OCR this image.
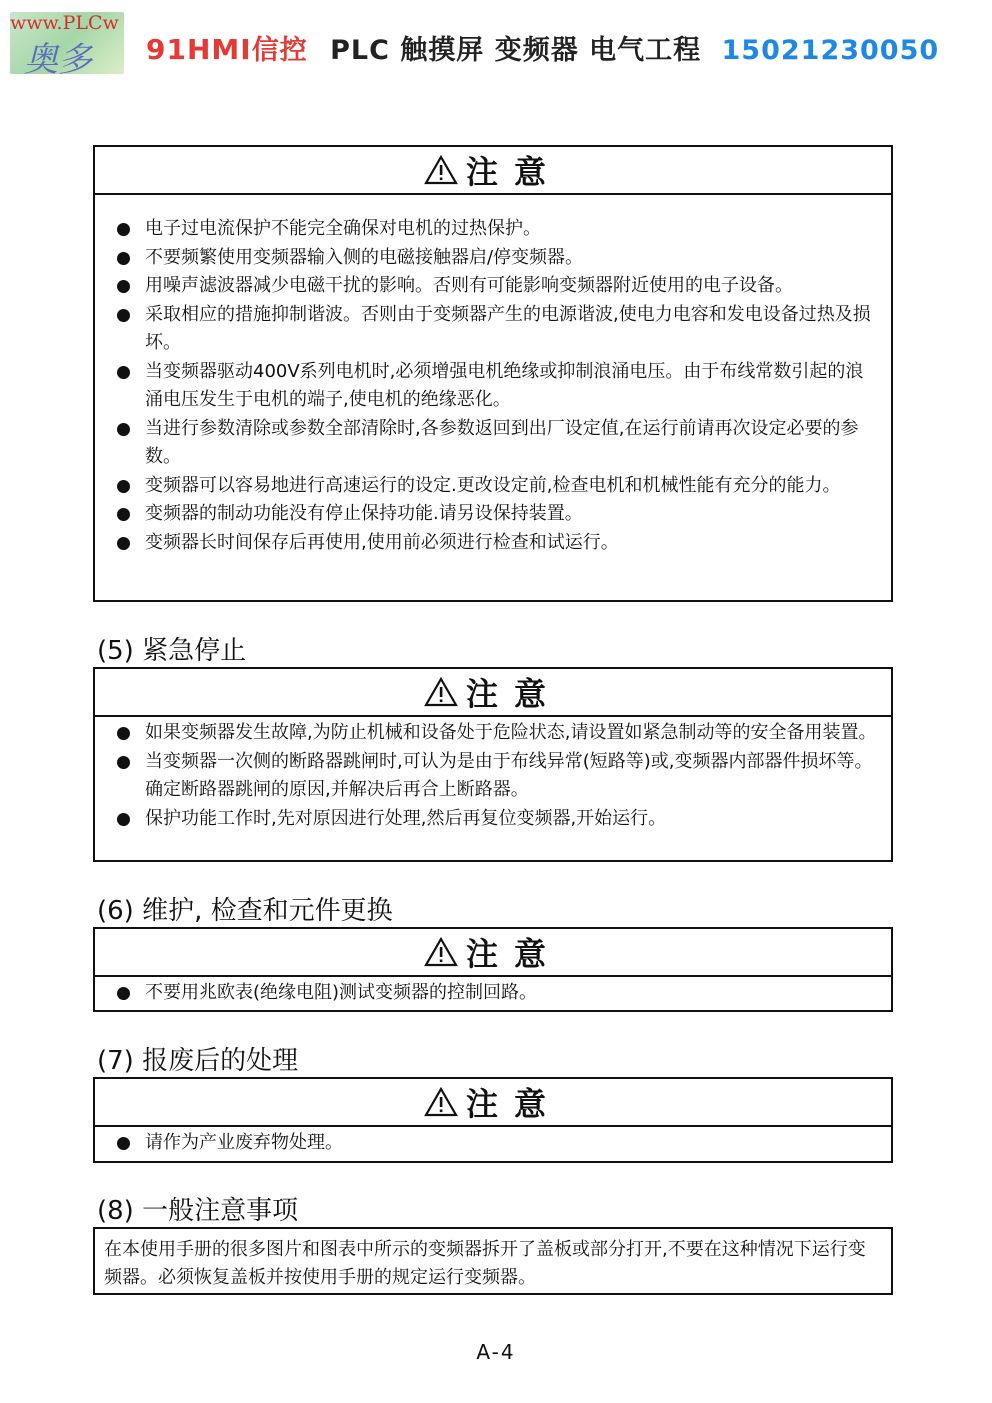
www.PLCw
奥多 91HMI信控 PLC 触摸屏 变频器 电气工程 15021230050
注意
电子过电流保护不能完全确保对电机的过热保护。
不要频繁使用变频器输入侧的电磁接触器启/停变频器。
用噪声滤波器减少电磁干扰的影响。否则有可能影响变频器附近使用的电子设备。
采取相应的措施抑制谐波。否则由于变频器产生的电源谐波,使电力电容和发电设备过热及损坏。
当变频器驱动400V系列电机时,必须增强电机绝缘或抑制浪涌电压。由于布线常数引起的浪涌电压发生于电机的端子,使电机的绝缘恶化。
当进行参数清除或参数全部清除时,各参数返回到出厂设定值,在运行前请再次设定必要的参数。
变频器可以容易地进行高速运行的设定.更改设定前,检查电机和机械性能有充分的能力。
变频器的制动功能没有停止保持功能.请另设保持装置。
变频器长时间保存后再使用,使用前必须进行检查和试运行。
(5) 紧急停止
注意
如果变频器发生故障,为防止机械和设备处于危险状态,请设置如紧急制动等的安全备用装置。
当变频器一次侧的断路器跳闸时,可认为是由于布线异常(短路等)或,变频器内部器件损坏等。确定断路器跳闸的原因,并解决后再合上断路器。
保护功能工作时,先对原因进行处理,然后再复位变频器,开始运行。
(6) 维护, 检查和元件更换
注意
不要用兆欧表(绝缘电阻)测试变频器的控制回路。
(7) 报废后的处理
注意
请作为产业废弃物处理。
(8) 一般注意事项
在本使用手册的很多图片和图表中所示的变频器拆开了盖板或部分打开,不要在这种情况下运行变频器。必须恢复盖板并按使用手册的规定运行变频器。
A-4
